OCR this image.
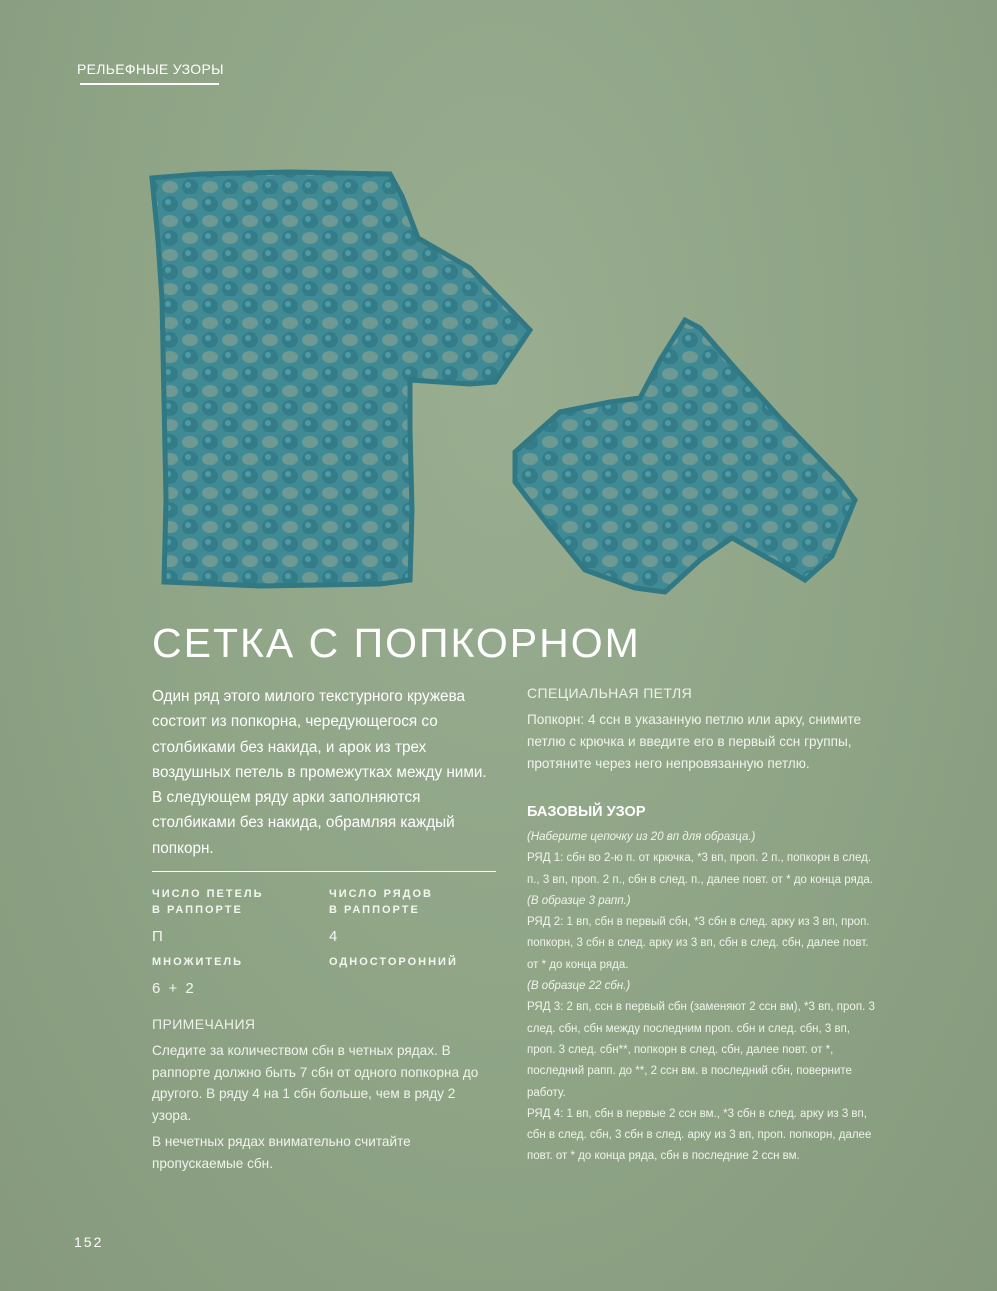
РЕЛЬЕФНЫЕ УЗОРЫ
СЕТКА С ПОПКОРНОМ
Один ряд этого милого текстурного кружева состоит из попкорна, чередующегося со столбиками без накида, и арок из трех воздушных петель в промежутках между ними. В следующем ряду арки заполняются столбиками без накида, обрамляя каждый попкорн.
ЧИСЛО ПЕТЕЛЬ
В РАППОРТЕ
П
ЧИСЛО РЯДОВ
В РАППОРТЕ
4
МНОЖИТЕЛЬ
6 + 2
ОДНОСТОРОННИЙ
ПРИМЕЧАНИЯ

Следите за количеством сбн в четных рядах. В раппорте должно быть 7 сбн от одного попкорна до другого. В ряду 4 на 1 сбн больше, чем в ряду 2 узора.

В нечетных рядах внимательно считайте пропускаемые сбн.

СПЕЦИАЛЬНАЯ ПЕТЛЯ
Попкорн: 4 ссн в указанную петлю или арку, снимите петлю с крючка и введите его в первый ссн группы, протяните через него непровязанную петлю.
БАЗОВЫЙ УЗОР

(Наберите цепочку из 20 вп для образца.)

РЯД 1: сбн во 2-ю п. от крючка, *3 вп, проп. 2 п., попкорн в след. п., 3 вп, проп. 2 п., сбн в след. п., далее повт. от * до конца ряда.

(В образце 3 рапп.)

РЯД 2: 1 вп, сбн в первый сбн, *3 сбн в след. арку из 3 вп, проп. попкорн, 3 сбн в след. арку из 3 вп, сбн в след. сбн, далее повт. от * до конца ряда.

(В образце 22 сбн.)

РЯД 3: 2 вп, ссн в первый сбн (заменяют 2 ссн вм), *3 вп, проп. 3 след. сбн, сбн между последним проп. сбн и след. сбн, 3 вп, проп. 3 след. сбн**, попкорн в след. сбн, далее повт. от *, последний рапп. до **, 2 ссн вм. в последний сбн, поверните работу.

РЯД 4: 1 вп, сбн в первые 2 ссн вм., *3 сбн в след. арку из 3 вп, сбн в след. сбн, 3 сбн в след. арку из 3 вп, проп. попкорн, далее повт. от * до конца ряда, сбн в последние 2 ссн вм.

152
